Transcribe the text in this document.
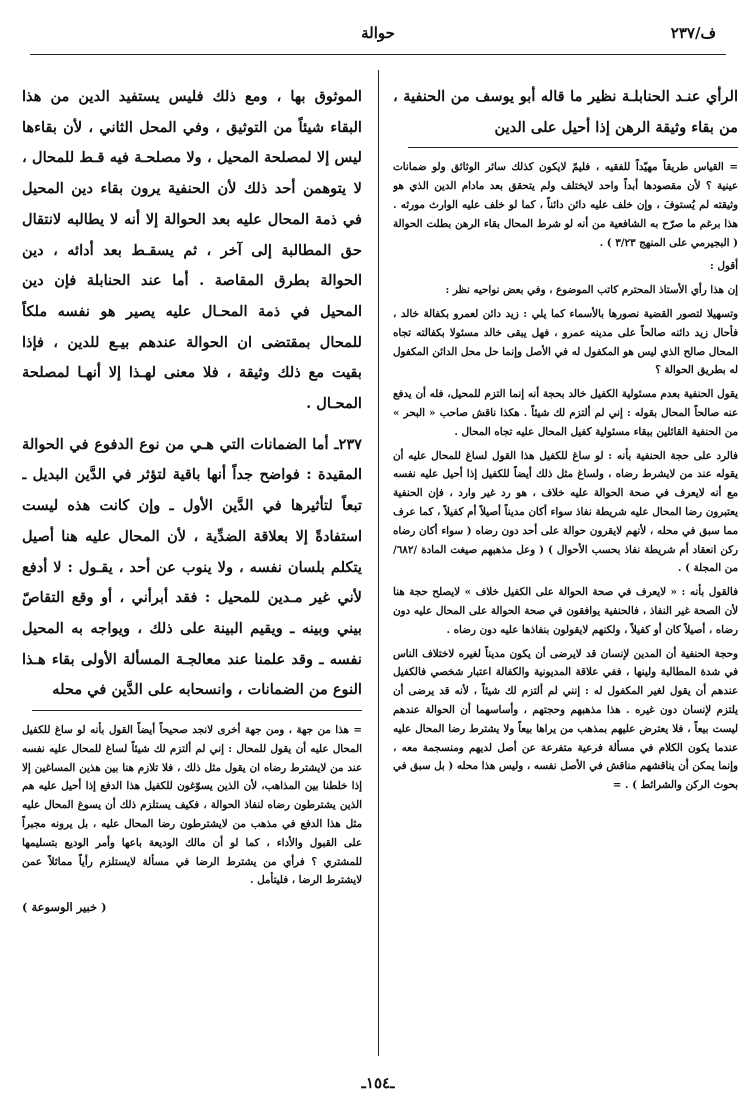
ف/٢٣٧
حوالة

الرأي عنـد الحنابلـة نظير ما قاله أبو يوسف من الحنفية ، من بقاء وثيقة الرهن إذا أحيل على الدين

= القياس طريقاً مهيّداً للفقيه ، فليمّ لايكون كذلك سائر الوثائق ولو ضمانات عينية ؟ لأن مقصودها أبداً واحد لايختلف ولم يتحقق بعد مادام الدين الذي هو وثيقته لم يُستوفَ ، وإن خلف عليه دائن دائناً ، كما لو خلف عليه الوارث مورثه . هذا برغم ما صرّح به الشافعية من أنه لو شرط المحال بقاء الرهن بطلت الحوالة ( البجيرمي على المنهج ٣/٢٣ ) .

أقول :

إن هذا رأي الأستاذ المحترم كاتب الموضوع ، وفي بعض نواحيه نظر :

وتسهيلا لتصور القضية نصورها بالأسماء كما يلي : زيد دائن لعمرو بكفالة خالد ، فأحال زيد دائنه صالحاً على مدينه عمرو ، فهل يبقى خالد مسئولا بكفالته تجاه المحال صالح الذي ليس هو المكفول له في الأصل وإنما حل محل الدائن المكفول له بطريق الحوالة ؟

يقول الحنفية بعدم مسئولية الكفيل خالد بحجة أنه إنما التزم للمحيل، فله أن يدفع عنه صالحاً المحال بقوله : إني لم ألتزم لك شيئاً . هكذا ناقش صاحب « البحر » من الحنفية القائلين ببقاء مسئولية كفيل المحال عليه تجاه المحال .

فالرد على حجة الحنفية بأنه : لو ساغ للكفيل هذا القول لساغ للمحال عليه أن يقوله عند من لايشرط رضاه ، ولساغ مثل ذلك أيضاً للكفيل إذا أحيل عليه نفسه مع أنه لايعرف في صحة الحوالة عليه خلاف ، هو رد غير وارد ، فإن الحنفية يعتبرون رضا المحال عليه شريطة نفاذ سواء أكان مديناً أصيلاً أم كفيلاً ، كما عرف مما سبق في محله ، لأنهم لايقرون حوالة على أحد دون رضاه ( سواء أكان رضاه ركن انعقاد أم شريطة نفاذ بحسب الأحوال ) ( وعل مذهبهم صيغت المادة /٦٨٢/ من المجلة ) .

فالقول بأنه : « لايعرف في صحة الحوالة على الكفيل خلاف » لايصلح حجة هنا لأن الصحة غير النفاذ ، فالحنفية يوافقون في صحة الحوالة على المحال عليه دون رضاه ، أصيلاً كان أو كفيلاً ، ولكنهم لايقولون بنفاذها عليه دون رضاه .

وحجة الحنفية أن المدين لإنسان قد لايرضى أن يكون مديناً لغيره لاختلاف الناس في شدة المطالبة ولينها ، ففي علاقة المديونية والكفالة اعتبار شخصي فالكفيل عندهم أن يقول لغير المكفول له : إنني لم ألتزم لك شيئاً ، لأنه قد يرضى أن يلتزم لإنسان دون غيره . هذا مذهبهم وحجتهم ، وأساسهما أن الحوالة عندهم ليست بيعاً ، فلا يعترض عليهم بمذهب من يراها بيعاً ولا يشترط رضا المحال عليه عندما يكون الكلام في مسألة فرعية متفرعة عن أصل لديهم ومنسجمة معه ، وإنما يمكن أن يناقشهم مناقش في الأصل نفسه ، وليس هذا محله ( بل سبق في بحوث الركن والشرائط ) . =

الموثوق بها ، ومع ذلك فليس يستفيد الدين من هذا البقاء شيئاً من التوثيق ، وفي المحل الثاني ، لأن بقاءها ليس إلا لمصلحة المحيل ، ولا مصلحـة فيه قـط للمحال ، لا يتوهمن أحد ذلك لأن الحنفية يرون بقاء دين المحيل في ذمة المحال عليه بعد الحوالة إلا أنه لا يطالبه لانتقال حق المطالبة إلى آخر ، ثم يسقـط بعد أدائه ، دين الحوالة بطرق المقاصة . أما عند الحنابلة فإن دين المحيل في ذمة المحـال عليه يصير هو نفسه ملكاً للمحال بمقتضى ان الحوالة عندهم بيـع للدين ، فإذا بقيت مع ذلك وثيقة ، فلا معنى لهـذا إلا أنهـا لمصلحة المحـال .

٢٣٧ـ أما الضمانات التي هـي من نوع الدفوع في الحوالة المقيدة : فواضح جداً أنها باقية لتؤثر في الدَّين البديل ـ تبعاً لتأثيرها في الدَّين الأول ـ وإن كانت هذه ليست استفادةً إلا بعلاقة الضدِّية ، لأن المحال عليه هنا أصيل يتكلم بلسان نفسه ، ولا ينوب عن أحد ، يقـول : لا أدفع لأني غير مـدين للمحيل : فقد أبرأني ، أو وقع التقاصّ بيني وبينه ـ ويقيم البينة على ذلك ، ويواجه به المحيل نفسه ـ وقد علمنا عند معالجـة المسألة الأولى بقاء هـذا النوع من الضمانات ، وانسحابه على الدَّين في محله

= هذا من جهة ، ومن جهة أخرى لانجد صحيحاً أيضاً القول بأنه لو ساغ للكفيل المحال عليه أن يقول للمحال : إني لم ألتزم لك شيئاً لساغ للمحال عليه نفسه عند من لايشترط رضاه ان يقول مثل ذلك ، فلا تلازم هنا بين هذين المساغين إلا إذا خلطنا بين المذاهب، لأن الذين يسوّغون للكفيل هذا الدفع إذا أحيل عليه هم الذين يشترطون رضاه لنفاذ الحوالة ، فكيف يستلزم ذلك أن يسوغ المحال عليه مثل هذا الدفع في مذهب من لايشترطون رضا المحال عليه ، بل يرونه مجبراً على القبول والأداء ، كما لو أن مالك الوديعة باعها وأمر الوديع بتسليمها للمشتري ؟ فرأي من يشترط الرضا في مسألة لايستلزم رأياً مماثلاً عمن لايشترط الرضا ، فليتأمل .

( خبير الوسوعة )
ـ١٥٤ـ
